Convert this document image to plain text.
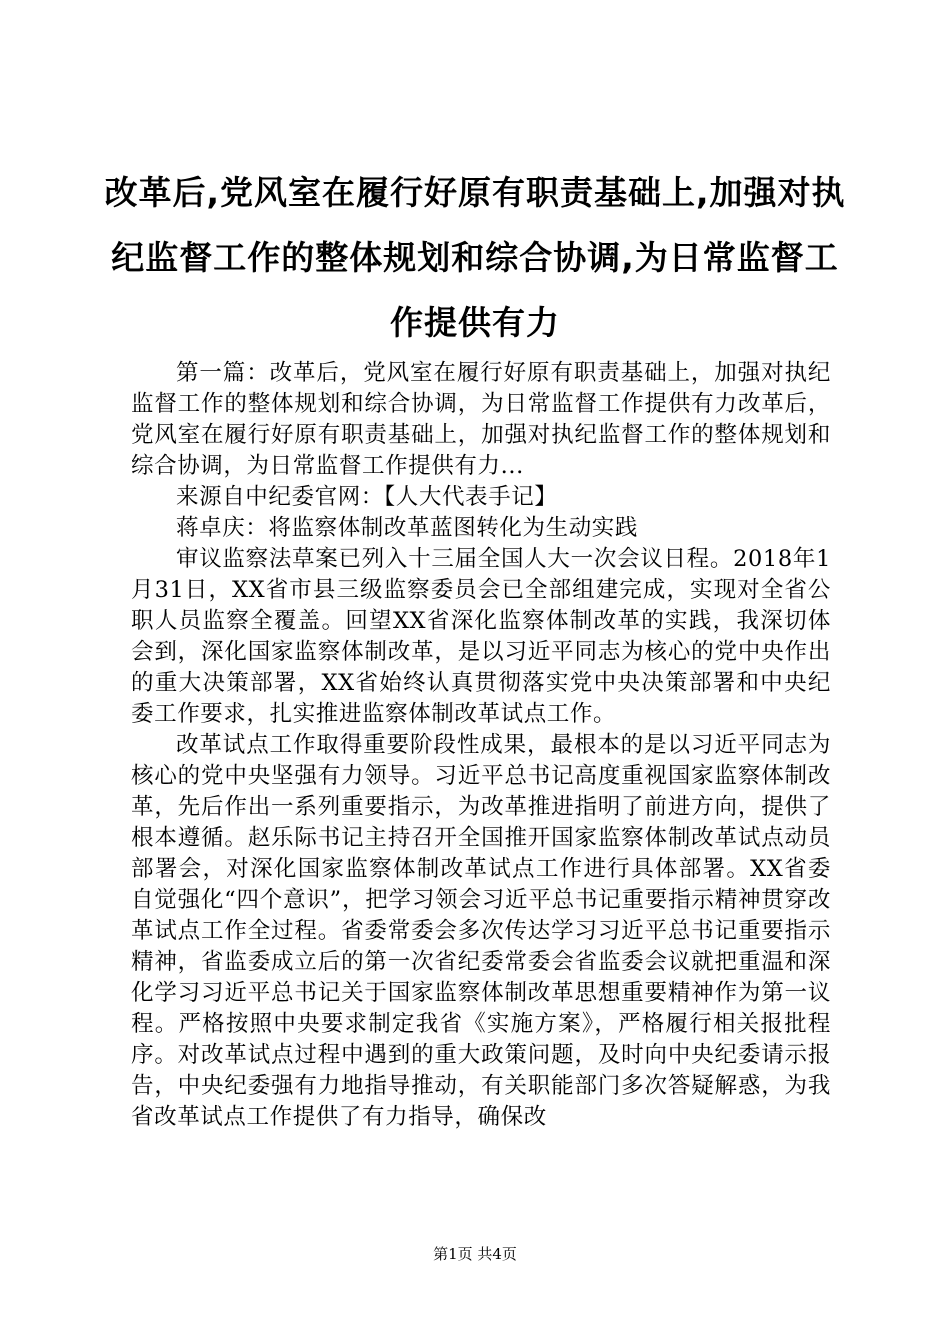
改革后,党风室在履行好原有职责基础上,加强对执纪监督工作的整体规划和综合协调,为日常监督工作提供有力

第一篇：改革后，党风室在履行好原有职责基础上，加强对执纪监督工作的整体规划和综合协调，为日常监督工作提供有力改革后，党风室在履行好原有职责基础上，加强对执纪监督工作的整体规划和综合协调，为日常监督工作提供有力...

来源自中纪委官网：【人大代表手记】

蒋卓庆：将监察体制改革蓝图转化为生动实践

审议监察法草案已列入十三届全国人大一次会议日程。2018年1月31日，XX省市县三级监察委员会已全部组建完成，实现对全省公职人员监察全覆盖。回望XX省深化监察体制改革的实践，我深切体会到，深化国家监察体制改革，是以习近平同志为核心的党中央作出的重大决策部署，XX省始终认真贯彻落实党中央决策部署和中央纪委工作要求，扎实推进监察体制改革试点工作。

改革试点工作取得重要阶段性成果，最根本的是以习近平同志为核心的党中央坚强有力领导。习近平总书记高度重视国家监察体制改革，先后作出一系列重要指示，为改革推进指明了前进方向，提供了根本遵循。赵乐际书记主持召开全国推开国家监察体制改革试点动员部署会，对深化国家监察体制改革试点工作进行具体部署。XX省委自觉强化“四个意识”，把学习领会习近平总书记重要指示精神贯穿改革试点工作全过程。省委常委会多次传达学习习近平总书记重要指示精神，省监委成立后的第一次省纪委常委会省监委会议就把重温和深化学习习近平总书记关于国家监察体制改革思想重要精神作为第一议程。严格按照中央要求制定我省《实施方案》，严格履行相关报批程序。对改革试点过程中遇到的重大政策问题，及时向中央纪委请示报告，中央纪委强有力地指导推动，有关职能部门多次答疑解惑，为我省改革试点工作提供了有力指导，确保改

第1页 共4页
